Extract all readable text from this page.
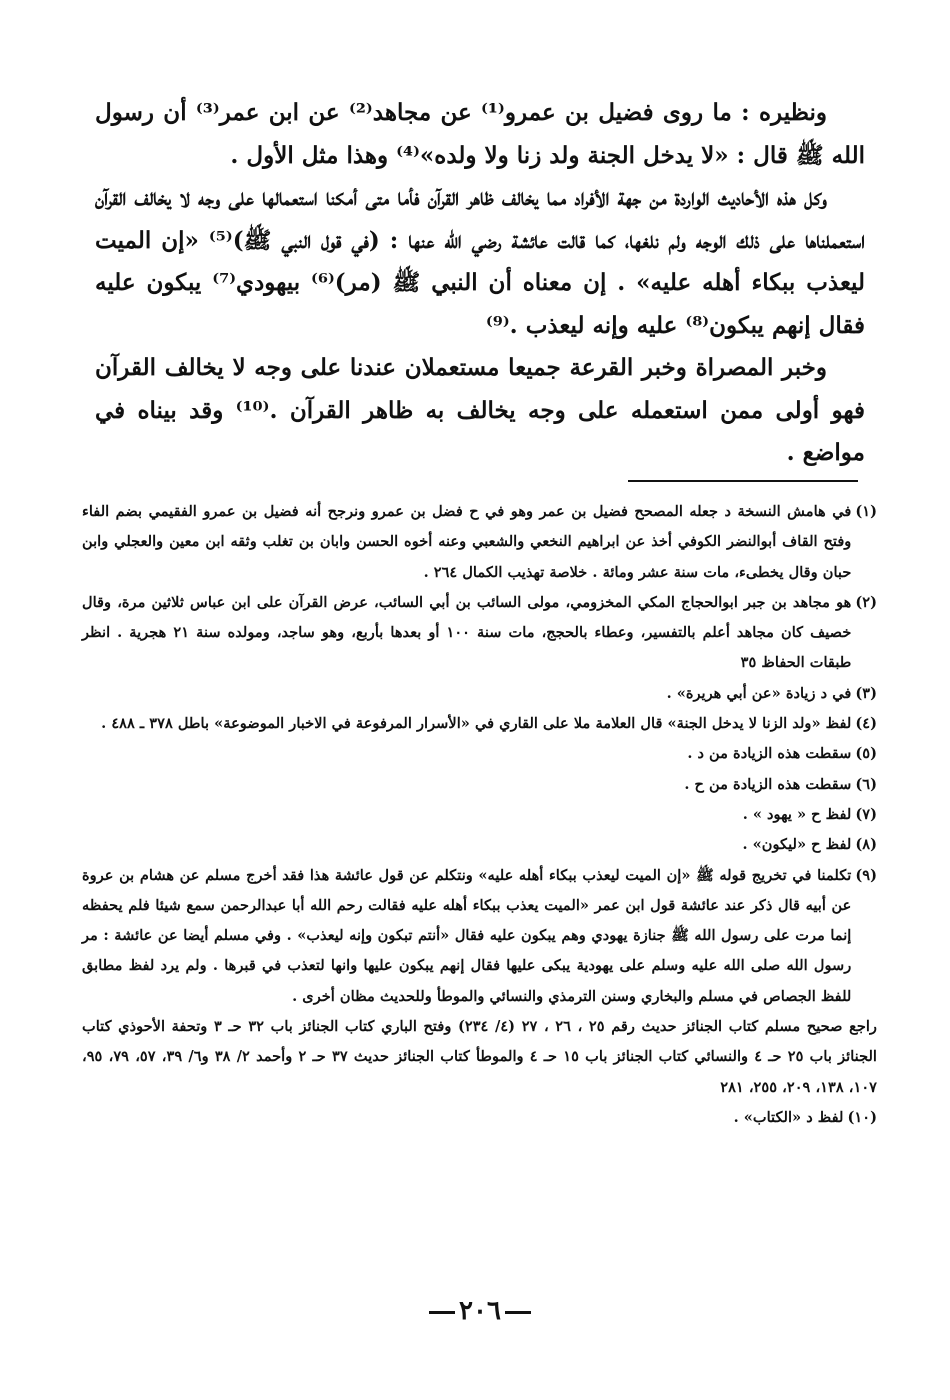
ونظيره : ما روى فضيل بن عمرو⁽¹⁾ عن مجاهد⁽²⁾ عن ابن عمر⁽³⁾ أن رسول الله ﷺ قال : «لا يدخل الجنة ولد زنا ولا ولده»⁽⁴⁾ وهذا مثل الأول .

وكل هذه الأحاديث الواردة من جهة الأفراد مما يخالف ظاهر القرآن فأما متى أمكنا استعمالها على وجه لا يخالف القرآن استعملناها على ذلك الوجه ولم نلغها، كما قالت عائشة رضي الله عنها : (في قول النبي ﷺ)⁽⁵⁾ «إن الميت ليعذب ببكاء أهله عليه» . إن معناه أن النبي ﷺ (مر)⁽⁶⁾ بيهودي⁽⁷⁾ يبكون عليه فقال إنهم يبكون⁽⁸⁾ عليه وإنه ليعذب .⁽⁹⁾

وخبر المصراة وخبر القرعة جميعا مستعملان عندنا على وجه لا يخالف القرآن فهو أولى ممن استعمله على وجه يخالف به ظاهر القرآن .⁽¹⁰⁾ وقد بيناه في مواضع .

(١)
في هامش النسخة د جعله المصحح فضيل بن عمر وهو في ح فضل بن عمرو ونرجح أنه فضيل بن عمرو الفقيمي بضم الفاء وفتح القاف أبوالنضر الكوفي أخذ عن ابراهيم النخعي والشعبي وعنه أخوه الحسن وابان بن تغلب وثقه ابن معين والعجلي وابن حبان وقال يخطىء، مات سنة عشر ومائة . خلاصة تهذيب الكمال ٢٦٤ .
(٢)
هو مجاهد بن جبر ابوالحجاج المكي المخزومي، مولى السائب بن أبي السائب، عرض القرآن على ابن عباس ثلاثين مرة، وقال خصيف كان مجاهد أعلم بالتفسير، وعطاء بالحجج، مات سنة ١٠٠ أو بعدها بأربع، وهو ساجد، ومولده سنة ٢١ هجرية . انظر طبقات الحفاظ ٣٥
(٣)
في د زيادة «عن أبي هريرة» .
(٤)
لفظ «ولد الزنا لا يدخل الجنة» قال العلامة ملا على القاري في «الأسرار المرفوعة في الاخبار الموضوعة» باطل ٣٧٨ ـ ٤٨٨ .
(٥)
سقطت هذه الزيادة من د .
(٦)
سقطت هذه الزيادة من ح .
(٧)
لفظ ح « يهود » .
(٨)
لفظ ح «ليكون» .
(٩)
تكلمنا في تخريج قوله ﷺ «إن الميت ليعذب ببكاء أهله عليه» ونتكلم عن قول عائشة هذا فقد أخرج مسلم عن هشام بن عروة عن أبيه قال ذكر عند عائشة قول ابن عمر «الميت يعذب ببكاء أهله عليه فقالت رحم الله أبا عبدالرحمن سمع شيئا فلم يحفظه إنما مرت على رسول الله ﷺ جنازة يهودي وهم يبكون عليه فقال «أنتم تبكون وإنه ليعذب» . وفي مسلم أيضا عن عائشة : مر رسول الله صلى الله عليه وسلم على يهودية يبكى عليها فقال إنهم يبكون عليها وانها لتعذب في قبرها . ولم يرد لفظ مطابق للفظ الجصاص في مسلم والبخاري وسنن الترمذي والنسائي والموطأ وللحديث مظان أخرى .
راجع صحيح مسلم كتاب الجنائز حديث رقم ٢٥ ، ٢٦ ، ٢٧ (٤/ ٢٣٤) وفتح الباري كتاب الجنائز باب ٣٢ حـ ٣ وتحفة الأحوذي كتاب الجنائز باب ٢٥ حـ ٤ والنسائي كتاب الجنائز باب ١٥ حـ ٤ والموطأ كتاب الجنائز حديث ٣٧ حـ ٢ وأحمد ٢/ ٣٨ و٦/ ٣٩، ٥٧، ٧٩، ٩٥، ١٠٧، ١٣٨، ٢٠٩، ٢٥٥، ٢٨١
(١٠)
لفظ د «الكتاب» .
٢٠٦
